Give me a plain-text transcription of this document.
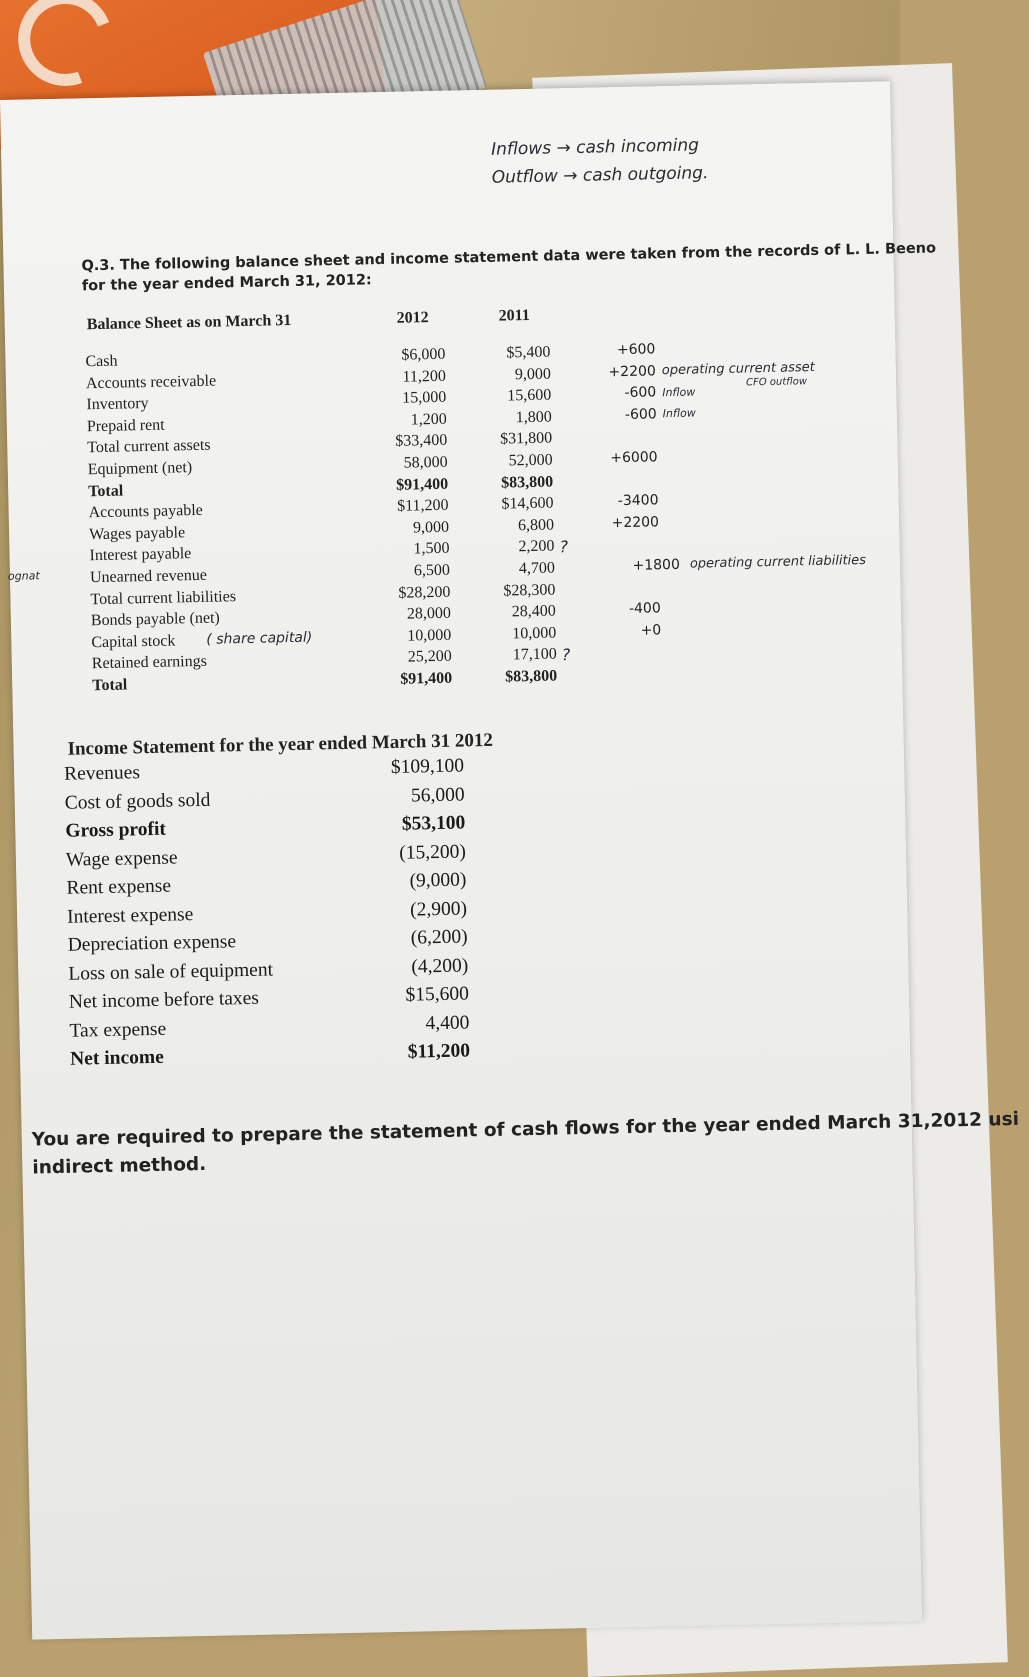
Inflows → cash incoming
Outflow → cash outgoing.
Q.3. The following balance sheet and income statement data were taken from the records of L. L. Beeno
for the year ended March 31, 2012:
Balance Sheet as on March 31	2012	2011
Cash	$6,000	$5,400	+600
Accounts receivable	11,200	9,000	+2200
Inventory	15,000	15,600	-600
Prepaid rent	1,200	1,800	-600
Total current assets	$33,400	$31,800
Equipment (net)	58,000	52,000	+6000
Total	$91,400	$83,800
Accounts payable	$11,200	$14,600	-3400
Wages payable	9,000	6,800	+2200
Interest payable	1,500	2,200 ?
Unearned revenue	6,500	4,700	+1800 operating current liabilities
Total current liabilities	$28,200	$28,300
Bonds payable (net)	28,000	28,400	-400
Capital stock ( share capital)	10,000	10,000	+0
Retained earnings	25,200	17,100 ?
Total	$91,400	$83,800
operating current asset
CFO outflow
Inflow
Inflow
ognat
Income Statement for the year ended March 31 2012
Revenues	$109,100
Cost of goods sold	56,000
Gross profit	$53,100
Wage expense	(15,200)
Rent expense	(9,000)
Interest expense	(2,900)
Depreciation expense	(6,200)
Loss on sale of equipment	(4,200)
Net income before taxes	$15,600
Tax expense	4,400
Net income	$11,200
You are required to prepare the statement of cash flows for the year ended March 31,2012 usi
indirect method.
